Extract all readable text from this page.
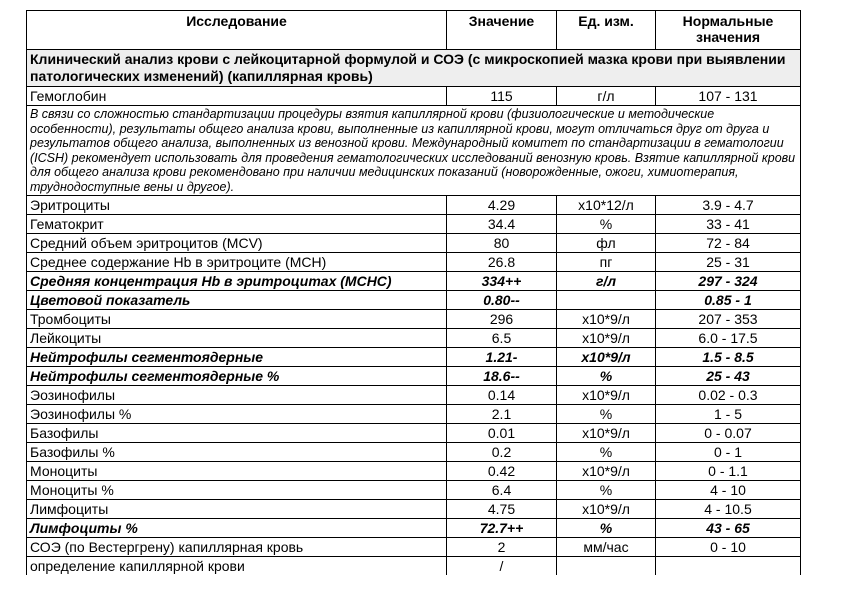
Исследование	Значение	Ед. изм.	Нормальные
значения
Клинический анализ крови с лейкоцитарной формулой и СОЭ (с микроскопией мазка крови при выявлении патологических изменений) (капиллярная кровь)			
Гемоглобин	115	г/л	107 - 131
В связи со сложностью стандартизации процедуры взятия капиллярной крови (физиологические и методические особенности), результаты общего анализа крови, выполненные из капиллярной крови, могут отличаться друг от друга и результатов общего анализа, выполненных из венозной крови. Международный комитет по стандартизации в гематологии (ICSH) рекомендует использовать для проведения гематологических исследований венозную кровь. Взятие капиллярной крови для общего анализа крови рекомендовано при наличии медицинских показаний (новорожденные, ожоги, химиотерапия, труднодоступные вены и другое).			
Эритроциты	4.29	x10*12/л	3.9 - 4.7
Гематокрит	34.4	%	33 - 41
Средний объем эритроцитов (MCV)	80	фл	72 - 84
Среднее содержание Hb в эритроците (MCH)	26.8	пг	25 - 31
Средняя концентрация Hb в эритроцитах (MCHC)	334++	г/л	297 - 324
Цветовой показатель	0.80--		0.85 - 1
Тромбоциты	296	x10*9/л	207 - 353
Лейкоциты	6.5	x10*9/л	6.0 - 17.5
Нейтрофилы сегментоядерные	1.21-	x10*9/л	1.5 - 8.5
Нейтрофилы сегментоядерные %	18.6--	%	25 - 43
Эозинофилы	0.14	x10*9/л	0.02 - 0.3
Эозинофилы %	2.1	%	1 - 5
Базофилы	0.01	x10*9/л	0 - 0.07
Базофилы %	0.2	%	0 - 1
Моноциты	0.42	x10*9/л	0 - 1.1
Моноциты %	6.4	%	4 - 10
Лимфоциты	4.75	x10*9/л	4 - 10.5
Лимфоциты %	72.7++	%	43 - 65
СОЭ (по Вестергрену) капиллярная кровь	2	мм/час	0 - 10
определение капиллярной крови	/		
